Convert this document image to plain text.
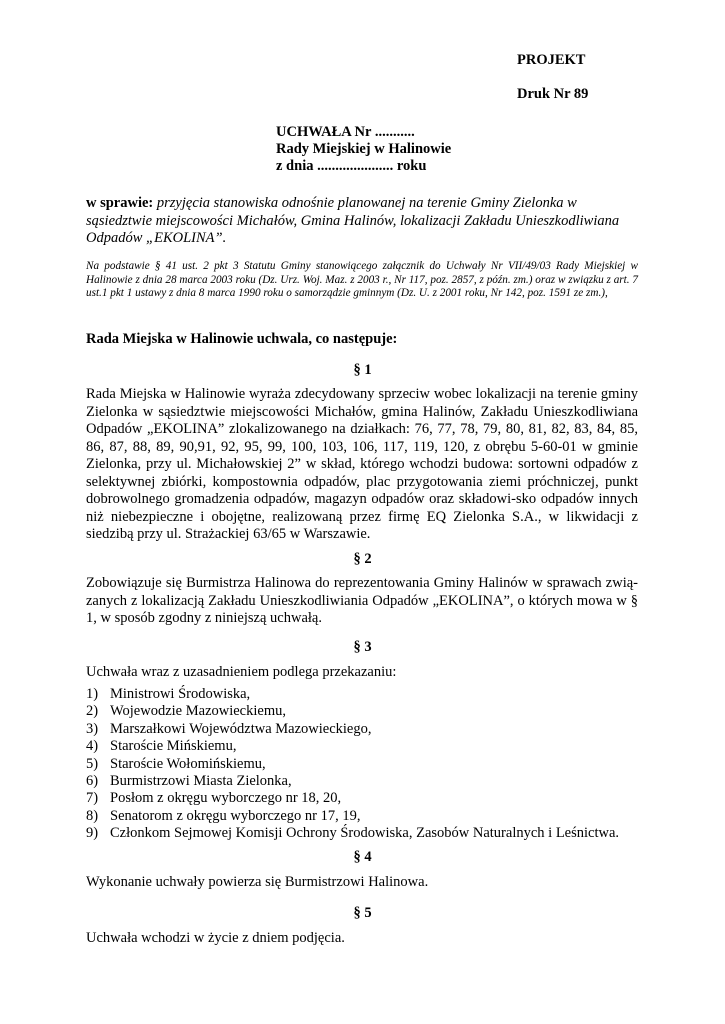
PROJEKT
Druk Nr 89
UCHWAŁA Nr ...........
Rady Miejskiej w Halinowie
z dnia ..................... roku
w sprawie: przyjęcia stanowiska odnośnie planowanej na terenie Gminy Zielonka w sąsiedztwie miejscowości Michałów, Gmina Halinów, lokalizacji Zakładu Unieszkodliwiana Odpadów „EKOLINA”.
Na podstawie § 41 ust. 2 pkt 3 Statutu Gminy stanowiącego załącznik do Uchwały Nr VII/49/03 Rady Miejskiej w Halinowie z dnia 28 marca 2003 roku (Dz. Urz. Woj. Maz. z 2003 r., Nr 117, poz. 2857, z późn. zm.) oraz w związku z art. 7 ust.1 pkt 1 ustawy z dnia 8 marca 1990 roku o samorządzie gminnym (Dz. U. z 2001 roku, Nr 142, poz. 1591 ze zm.),
Rada Miejska w Halinowie uchwala, co następuje:
§ 1
Rada Miejska w Halinowie wyraża zdecydowany sprzeciw wobec lokalizacji na terenie gminy Zielonka w sąsiedztwie miejscowości Michałów, gmina Halinów, Zakładu Unieszkodliwiana Odpadów „EKOLINA” zlokalizowanego na działkach: 76, 77, 78, 79, 80, 81, 82, 83, 84, 85, 86, 87, 88, 89, 90,91, 92, 95, 99, 100, 103, 106, 117, 119, 120, z obrębu 5-60-01 w gminie Zielonka, przy ul. Michałowskiej 2” w skład, którego wchodzi budowa: sortowni odpadów z selektywnej zbiórki, kompostownia odpadów, plac przygotowania ziemi próchniczej, punkt dobrowolnego gromadzenia odpadów, magazyn odpadów oraz składowi-sko odpadów innych niż niebezpieczne i obojętne, realizowaną przez firmę EQ Zielonka S.A., w likwidacji z siedzibą przy ul. Strażackiej 63/65 w Warszawie.
§ 2
Zobowiązuje się Burmistrza Halinowa do reprezentowania Gminy Halinów w sprawach zwią-zanych z lokalizacją Zakładu Unieszkodliwiania Odpadów „EKOLINA”, o których mowa w § 1, w sposób zgodny z niniejszą uchwałą.
§ 3
Uchwała wraz z uzasadnieniem podlega przekazaniu:
1) Ministrowi Środowiska,
2) Wojewodzie Mazowieckiemu,
3) Marszałkowi Województwa Mazowieckiego,
4) Staroście Mińskiemu,
5) Staroście Wołomińskiemu,
6) Burmistrzowi Miasta Zielonka,
7) Posłom z okręgu wyborczego nr 18, 20,
8) Senatorom z okręgu wyborczego nr 17, 19,
9) Członkom Sejmowej Komisji Ochrony Środowiska, Zasobów Naturalnych i Leśnictwa.
§ 4
Wykonanie uchwały powierza się Burmistrzowi Halinowa.
§ 5
Uchwała wchodzi w życie z dniem podjęcia.
